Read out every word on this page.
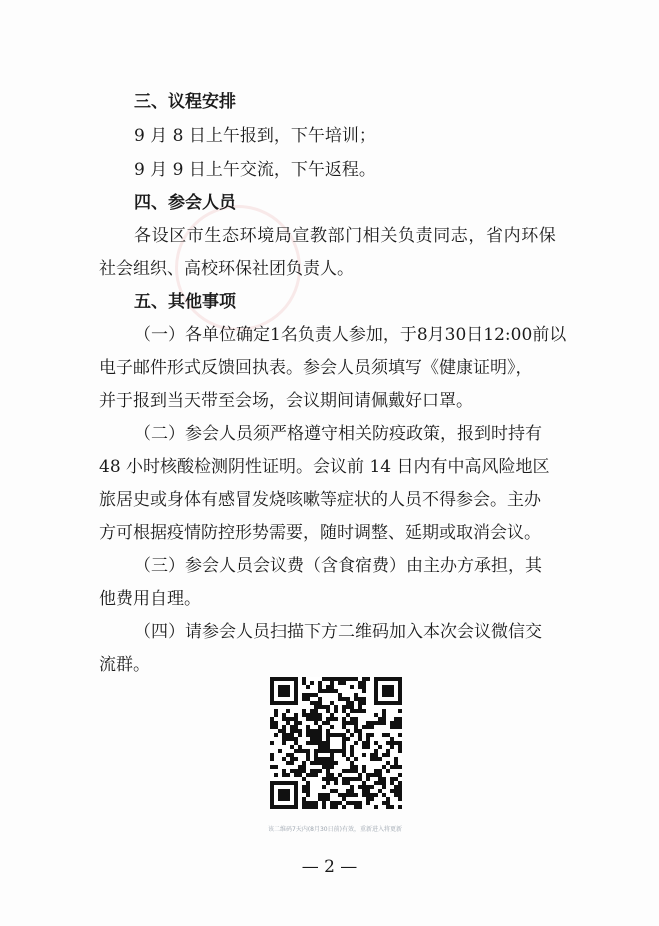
三、议程安排
9 月 8 日上午报到，下午培训；
9 月 9 日上午交流，下午返程。
四、参会人员
各设区市生态环境局宣教部门相关负责同志，省内环保
社会组织、高校环保社团负责人。
五、其他事项
（一）各单位确定1名负责人参加，于8月30日12:00前以
电子邮件形式反馈回执表。参会人员须填写《健康证明》，
并于报到当天带至会场，会议期间请佩戴好口罩。
（二）参会人员须严格遵守相关防疫政策，报到时持有
48 小时核酸检测阴性证明。会议前 14 日内有中高风险地区
旅居史或身体有感冒发烧咳嗽等症状的人员不得参会。主办
方可根据疫情防控形势需要，随时调整、延期或取消会议。
（三）参会人员会议费（含食宿费）由主办方承担，其
他费用自理。
（四）请参会人员扫描下方二维码加入本次会议微信交
流群。
该二维码7天内(8月30日前)有效，重新进入将更新
— 2 —
